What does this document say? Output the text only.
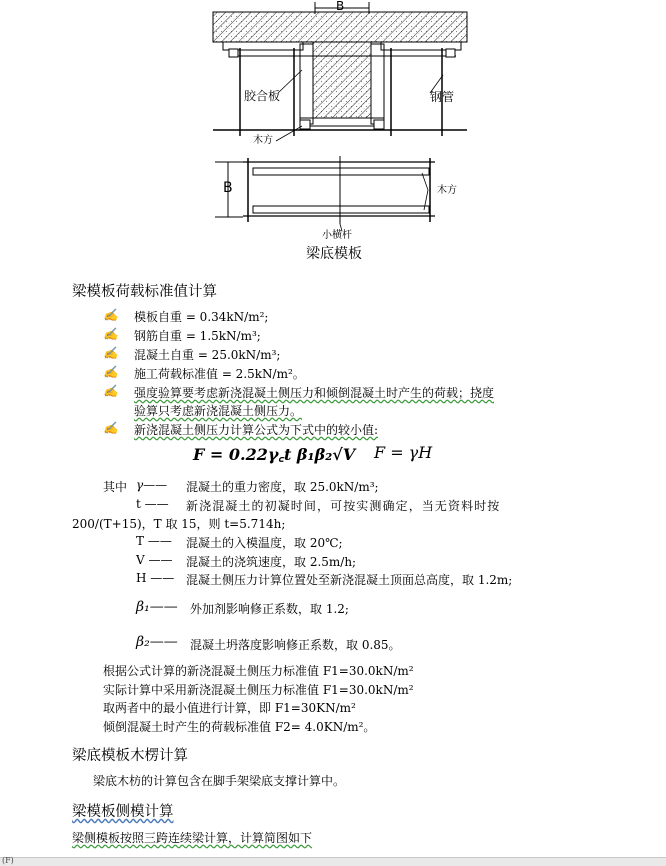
B
胶合板	钢管
木方
B	木方
小横杆
梁底模板
梁模板荷载标准值计算
✍ 模板自重 = 0.34kN/m²;
✍ 钢筋自重 = 1.5kN/m³;
✍ 混凝土自重 = 25.0kN/m³;
✍ 施工荷载标准值 = 2.5kN/m²。
✍ 强度验算要考虑新浇混凝土侧压力和倾倒混凝土时产生的荷载；挠度
验算只考虑新浇混凝土侧压力。
✍ 新浇混凝土侧压力计算公式为下式中的较小值:
F = 0.22γ꜀t β₁β₂√V F = γH
其中 γ—— 混凝土的重力密度，取 25.0kN/m³;
t —— 新浇混凝土的初凝时间，可按实测确定，当无资料时按
200/(T+15)，T 取 15，则 t=5.714h;
T —— 混凝土的入模温度，取 20℃;
V —— 混凝土的浇筑速度，取 2.5m/h;
H —— 混凝土侧压力计算位置处至新浇混凝土顶面总高度，取 1.2m;
β₁—— 外加剂影响修正系数，取 1.2;
β₂—— 混凝土坍落度影响修正系数，取 0.85。
根据公式计算的新浇混凝土侧压力标准值 F1=30.0kN/m²
实际计算中采用新浇混凝土侧压力标准值 F1=30.0kN/m²
取两者中的最小值进行计算，即 F1=30KN/m²
倾倒混凝土时产生的荷载标准值 F2= 4.0KN/m²。
梁底模板木楞计算
梁底木枋的计算包含在脚手架梁底支撑计算中。
梁模板侧模计算
梁侧模板按照三跨连续梁计算，计算简图如下
(F)
